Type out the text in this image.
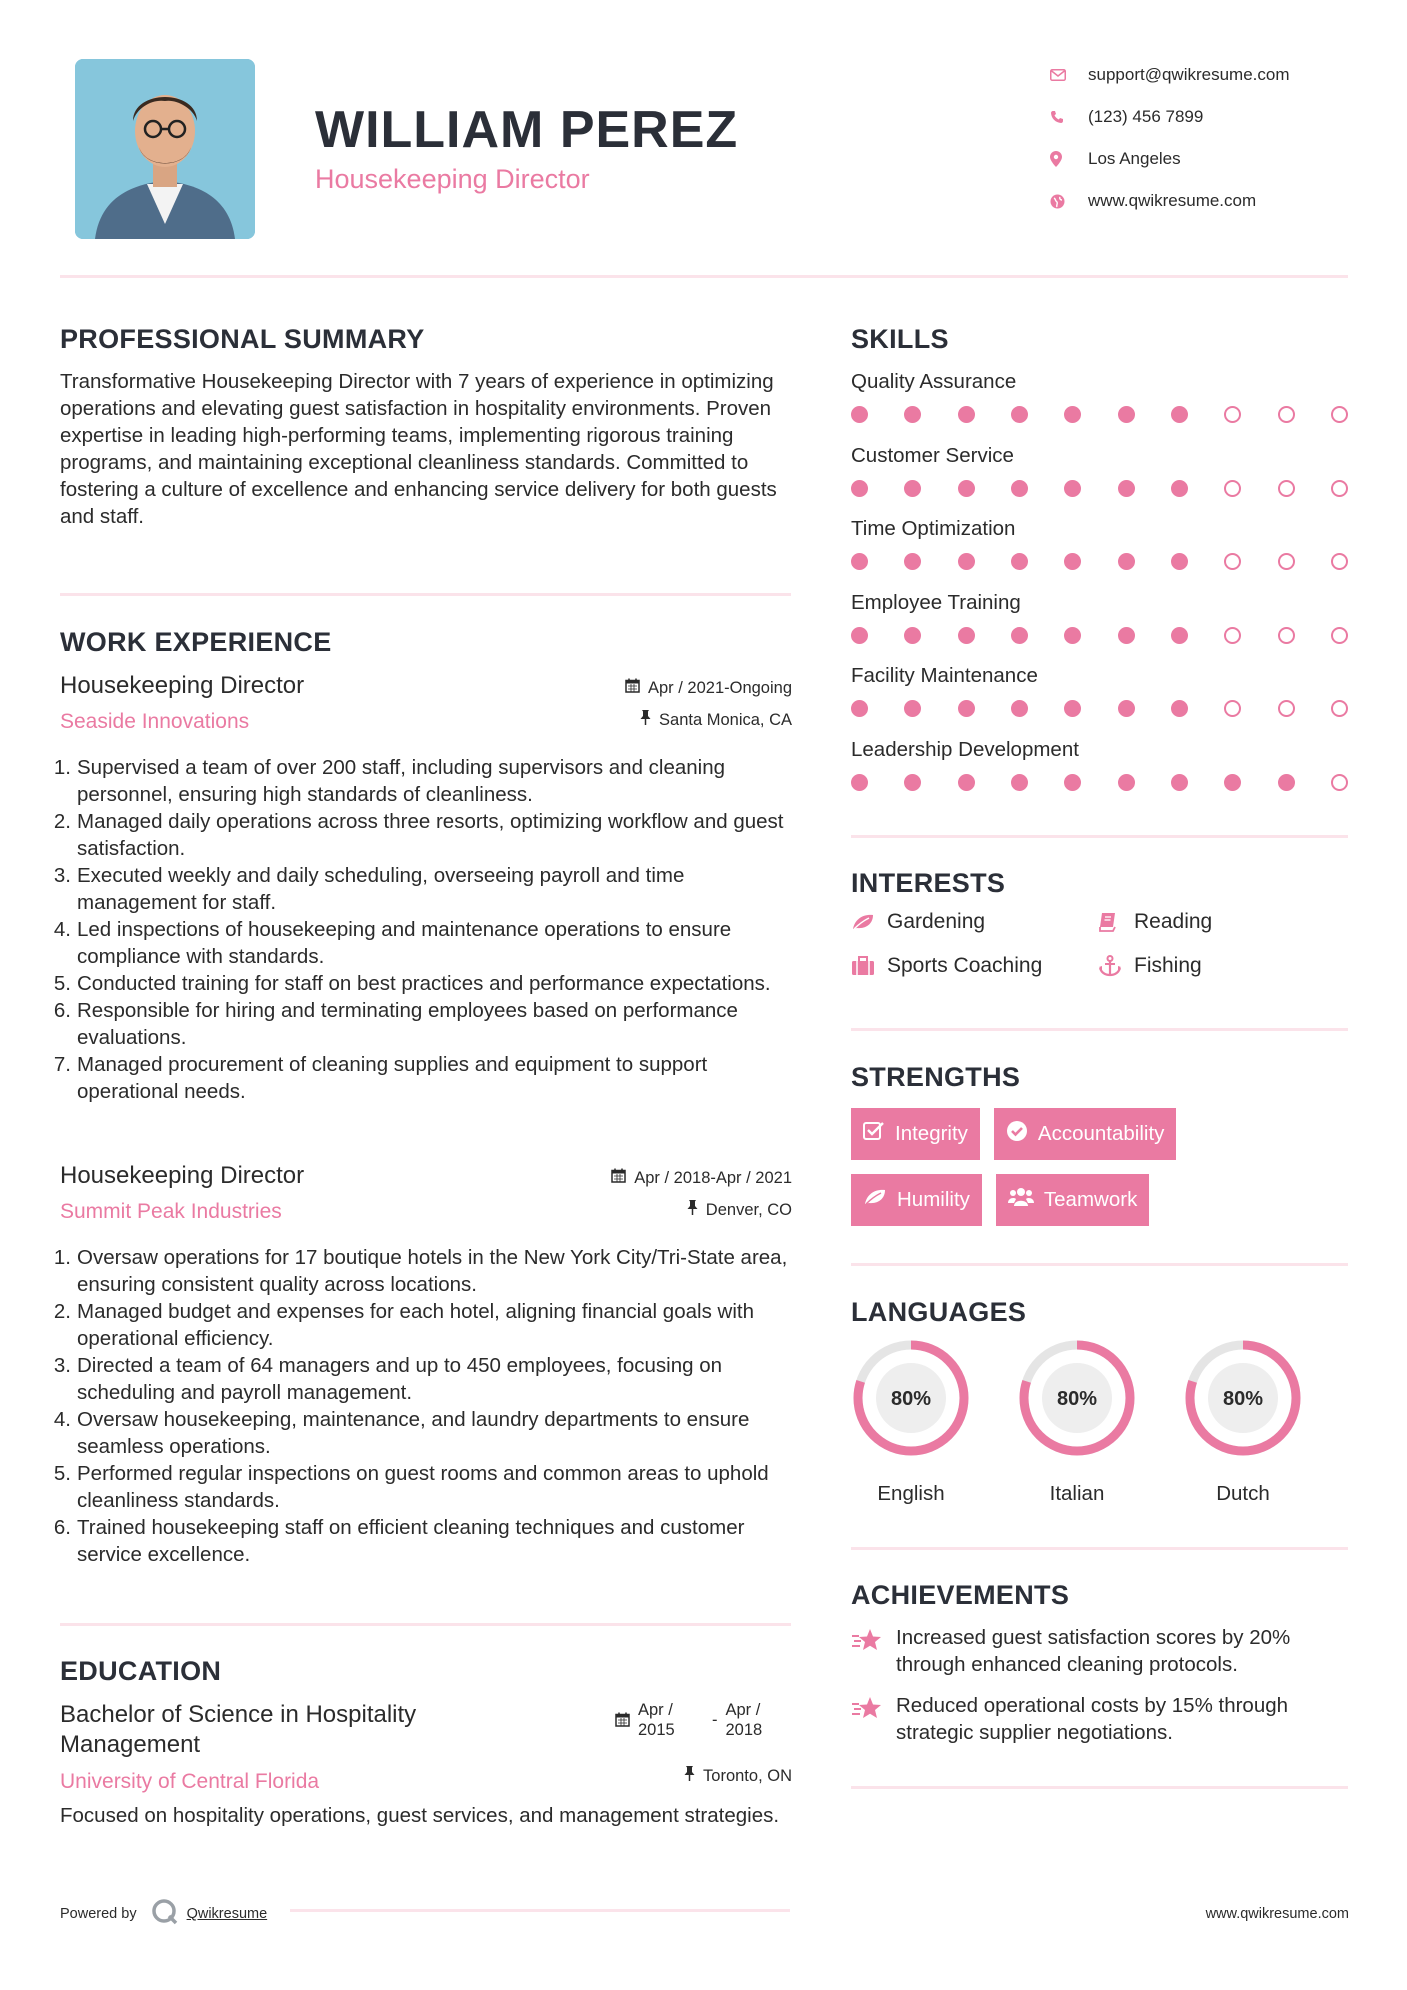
WILLIAM PEREZ
Housekeeping Director
support@qwikresume.com
(123) 456 7899
Los Angeles
www.qwikresume.com
PROFESSIONAL SUMMARY

Transformative Housekeeping Director with 7 years of experience in optimizing operations and elevating guest satisfaction in hospitality environments. Proven expertise in leading high-performing teams, implementing rigorous training programs, and maintaining exceptional cleanliness standards. Committed to fostering a culture of excellence and enhancing service delivery for both guests and staff.

WORK EXPERIENCE
Housekeeping Director
Seaside Innovations
Apr / 2021-Ongoing
Santa Monica, CA
1. Supervised a team of over 200 staff, including supervisors and cleaning personnel, ensuring high standards of cleanliness.
2. Managed daily operations across three resorts, optimizing workflow and guest satisfaction.
3. Executed weekly and daily scheduling, overseeing payroll and time management for staff.
4. Led inspections of housekeeping and maintenance operations to ensure compliance with standards.
5. Conducted training for staff on best practices and performance expectations.
6. Responsible for hiring and terminating employees based on performance evaluations.
7. Managed procurement of cleaning supplies and equipment to support operational needs.
Housekeeping Director
Summit Peak Industries
Apr / 2018-Apr / 2021
Denver, CO
1. Oversaw operations for 17 boutique hotels in the New York City/Tri-State area, ensuring consistent quality across locations.
2. Managed budget and expenses for each hotel, aligning financial goals with operational efficiency.
3. Directed a team of 64 managers and up to 450 employees, focusing on scheduling and payroll management.
4. Oversaw housekeeping, maintenance, and laundry departments to ensure seamless operations.
5. Performed regular inspections on guest rooms and common areas to uphold cleanliness standards.
6. Trained housekeeping staff on efficient cleaning techniques and customer service excellence.
EDUCATION
Bachelor of Science in Hospitality Management
University of Central Florida
Apr / 2015
-
Apr / 2018
Toronto, ON

Focused on hospitality operations, guest services, and management strategies.

Powered by	Qwikresume	www.qwikresume.com
SKILLS
Quality Assurance
Customer Service
Time Optimization
Employee Training
Facility Maintenance
Leadership Development
INTERESTS
Gardening	Reading
Sports Coaching	Fishing
STRENGTHS
Integrity	Accountability
Humility	Teamwork
LANGUAGES
80%
English
80%
Italian
80%
Dutch
ACHIEVEMENTS
Increased guest satisfaction scores by 20% through enhanced cleaning protocols.
Reduced operational costs by 15% through strategic supplier negotiations.
